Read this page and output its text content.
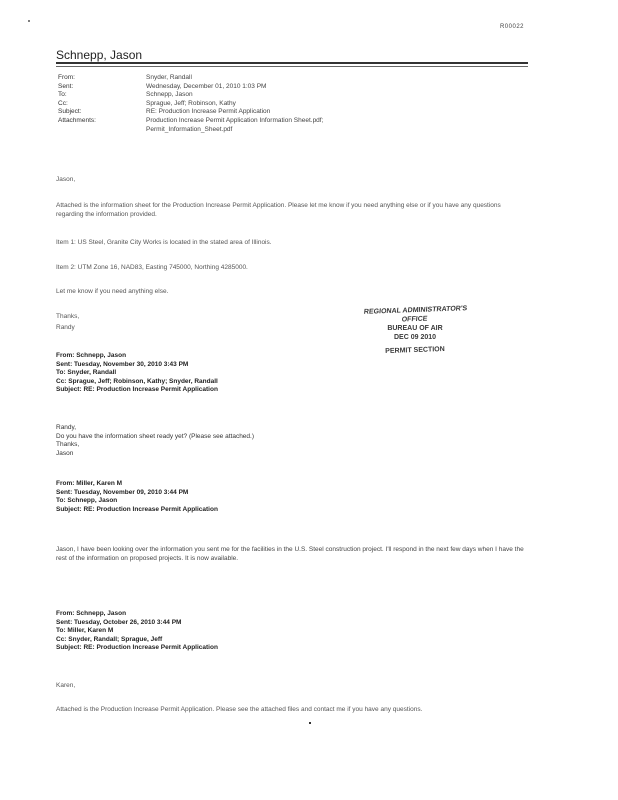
R00022
Schnepp, Jason
From:	Snyder, Randall
Sent:	Wednesday, December 01, 2010 1:03 PM
To:	Schnepp, Jason
Cc:	Sprague, Jeff; Robinson, Kathy
Subject:	RE: Production Increase Permit Application
Attachments:	Production Increase Permit Application Information Sheet.pdf;
Permit_Information_Sheet.pdf
Jason,
Attached is the information sheet for the Production Increase Permit Application. Please let me know if you need anything else or if you have any questions regarding the information provided.
Item 1: US Steel, Granite City Works is located in the stated area of Illinois.
Item 2: UTM Zone 16, NAD83, Easting 745000, Northing 4285000.
Let me know if you need anything else.
Thanks,
Randy
REGIONAL ADMINISTRATOR'S OFFICE
BUREAU OF AIR
DEC 09 2010
PERMIT SECTION
From: Schnepp, Jason
Sent: Tuesday, November 30, 2010 3:43 PM
To: Snyder, Randall
Cc: Sprague, Jeff; Robinson, Kathy; Snyder, Randall
Subject: RE: Production Increase Permit Application
Randy,
Do you have the information sheet ready yet? (Please see attached.)
Thanks,
Jason
From: Miller, Karen M
Sent: Tuesday, November 09, 2010 3:44 PM
To: Schnepp, Jason
Subject: RE: Production Increase Permit Application
Jason, I have been looking over the information you sent me for the facilities in the U.S. Steel construction project. I'll respond in the next few days when I have the rest of the information on proposed projects. It is now available.
From: Schnepp, Jason
Sent: Tuesday, October 26, 2010 3:44 PM
To: Miller, Karen M
Cc: Snyder, Randall; Sprague, Jeff
Subject: RE: Production Increase Permit Application
Karen,
Attached is the Production Increase Permit Application. Please see the attached files and contact me if you have any questions.
